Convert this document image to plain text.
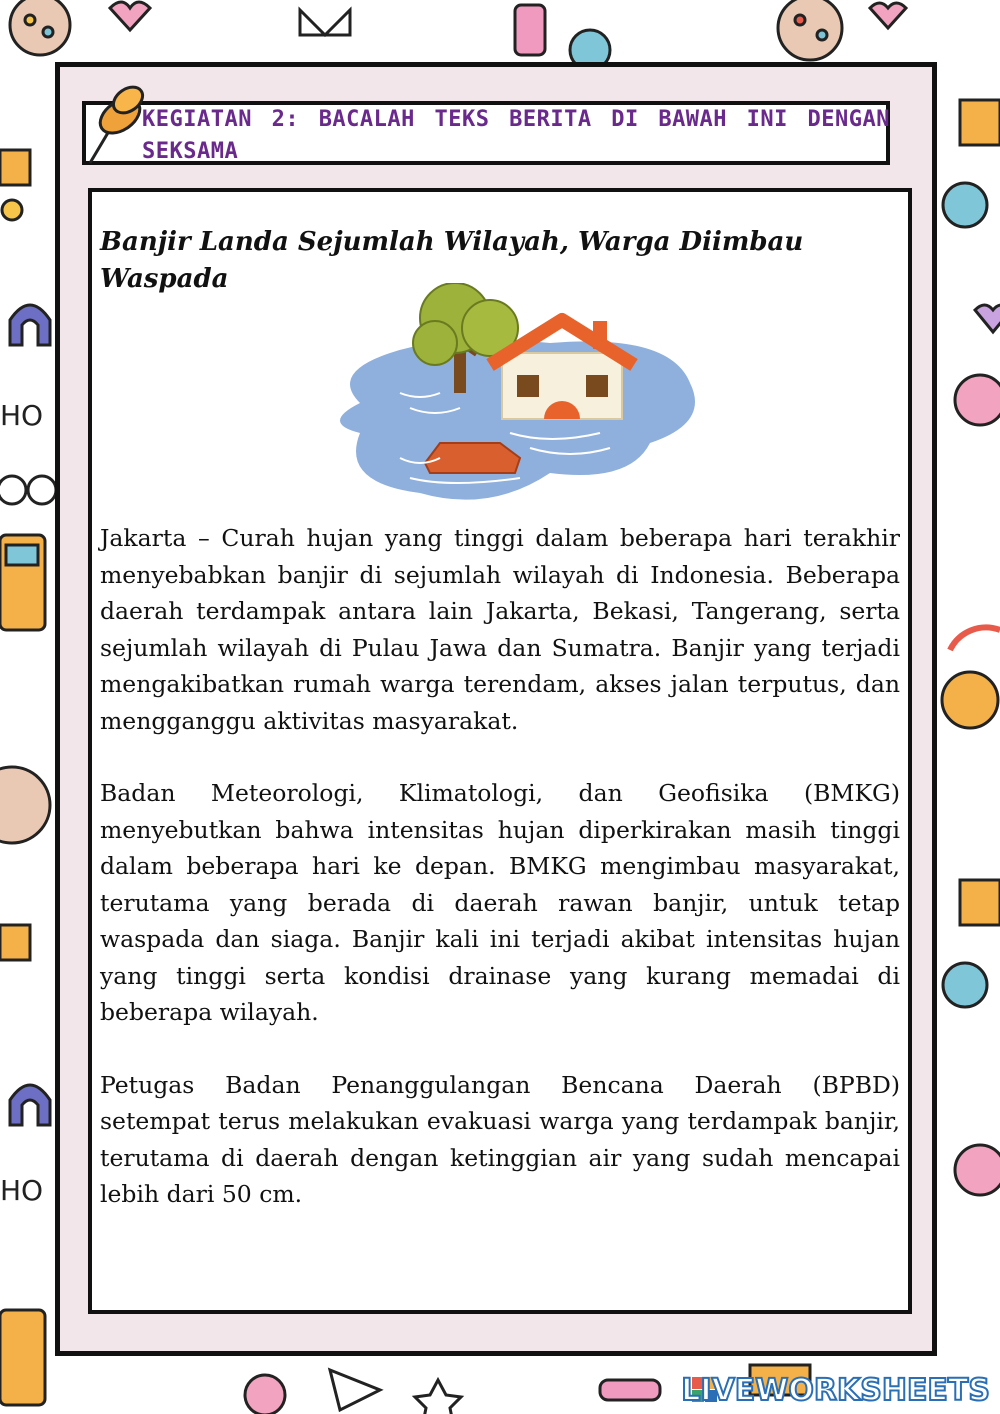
HO
HO
KEGIATAN 2: BACALAH TEKS BERITA DI BAWAH INI DENGAN SEKSAMA
Banjir Landa Sejumlah Wilayah, Warga Diimbau Waspada

Jakarta – Curah hujan yang tinggi dalam beberapa hari terakhir menyebabkan banjir di sejumlah wilayah di Indonesia. Beberapa daerah terdampak antara lain Jakarta, Bekasi, Tangerang, serta sejumlah wilayah di Pulau Jawa dan Sumatra. Banjir yang terjadi mengakibatkan rumah warga terendam, akses jalan terputus, dan mengganggu aktivitas masyarakat.

Badan Meteorologi, Klimatologi, dan Geofisika (BMKG) menyebutkan bahwa intensitas hujan diperkirakan masih tinggi dalam beberapa hari ke depan. BMKG mengimbau masyarakat, terutama yang berada di daerah rawan banjir, untuk tetap waspada dan siaga. Banjir kali ini terjadi akibat intensitas hujan yang tinggi serta kondisi drainase yang kurang memadai di beberapa wilayah.

Petugas Badan Penanggulangan Bencana Daerah (BPBD) setempat terus melakukan evakuasi warga yang terdampak banjir, terutama di daerah dengan ketinggian air yang sudah mencapai lebih dari 50 cm.

LIVEWORKSHEETS
